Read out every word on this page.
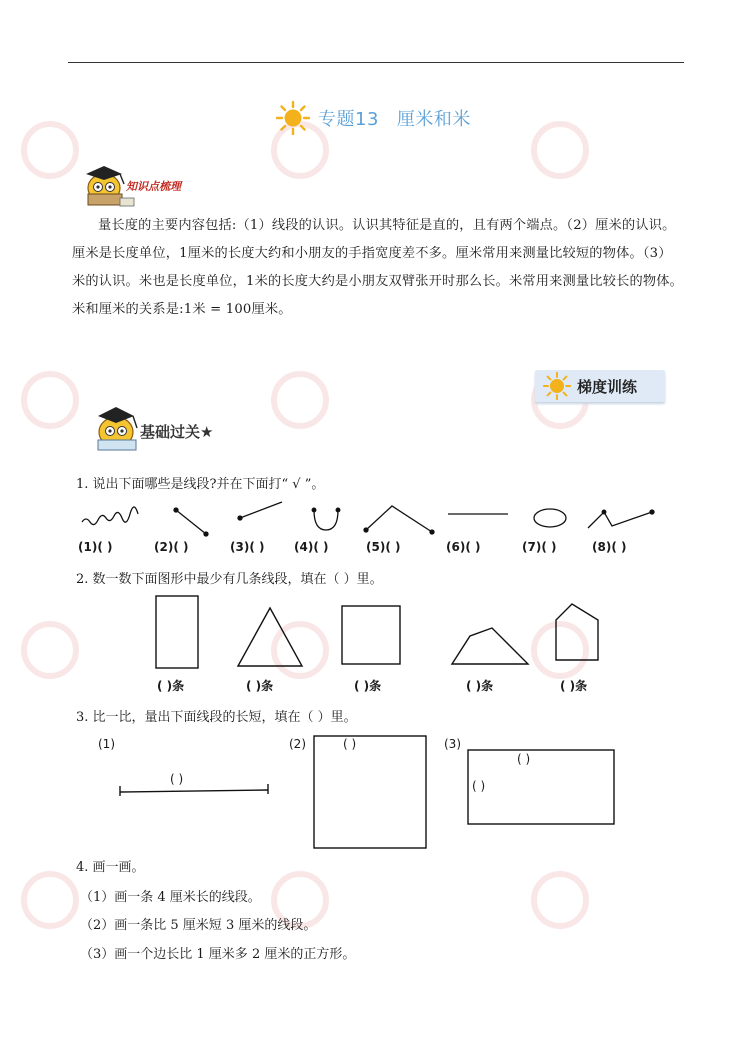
专题13 厘米和米
知识点梳理
量长度的主要内容包括:（1）线段的认识。认识其特征是直的，且有两个端点。（2）厘米的认识。厘米是长度单位，1厘米的长度大约和小朋友的手指宽度差不多。厘米常用来测量比较短的物体。（3）米的认识。米也是长度单位，1米的长度大约是小朋友双臂张开时那么长。米常用来测量比较长的物体。米和厘米的关系是:1米 = 100厘米。
梯度训练
基础过关★
1. 说出下面哪些是线段?并在下面打“ √ ”。
(1)( )	(2)( )	(3)( ) (4)( )	(5)( )	(6)( )	(7)( )	(8)( )
2. 数一数下面图形中最少有几条线段，填在（ ）里。
( )条	( )条	( )条	( )条	( )条
3. 比一比，量出下面线段的长短，填在（ ）里。
(1)	(2)	(3)
( )
( )
( )
( )
4. 画一画。
（1）画一条 4 厘米长的线段。
（2）画一条比 5 厘米短 3 厘米的线段。
（3）画一个边长比 1 厘米多 2 厘米的正方形。
